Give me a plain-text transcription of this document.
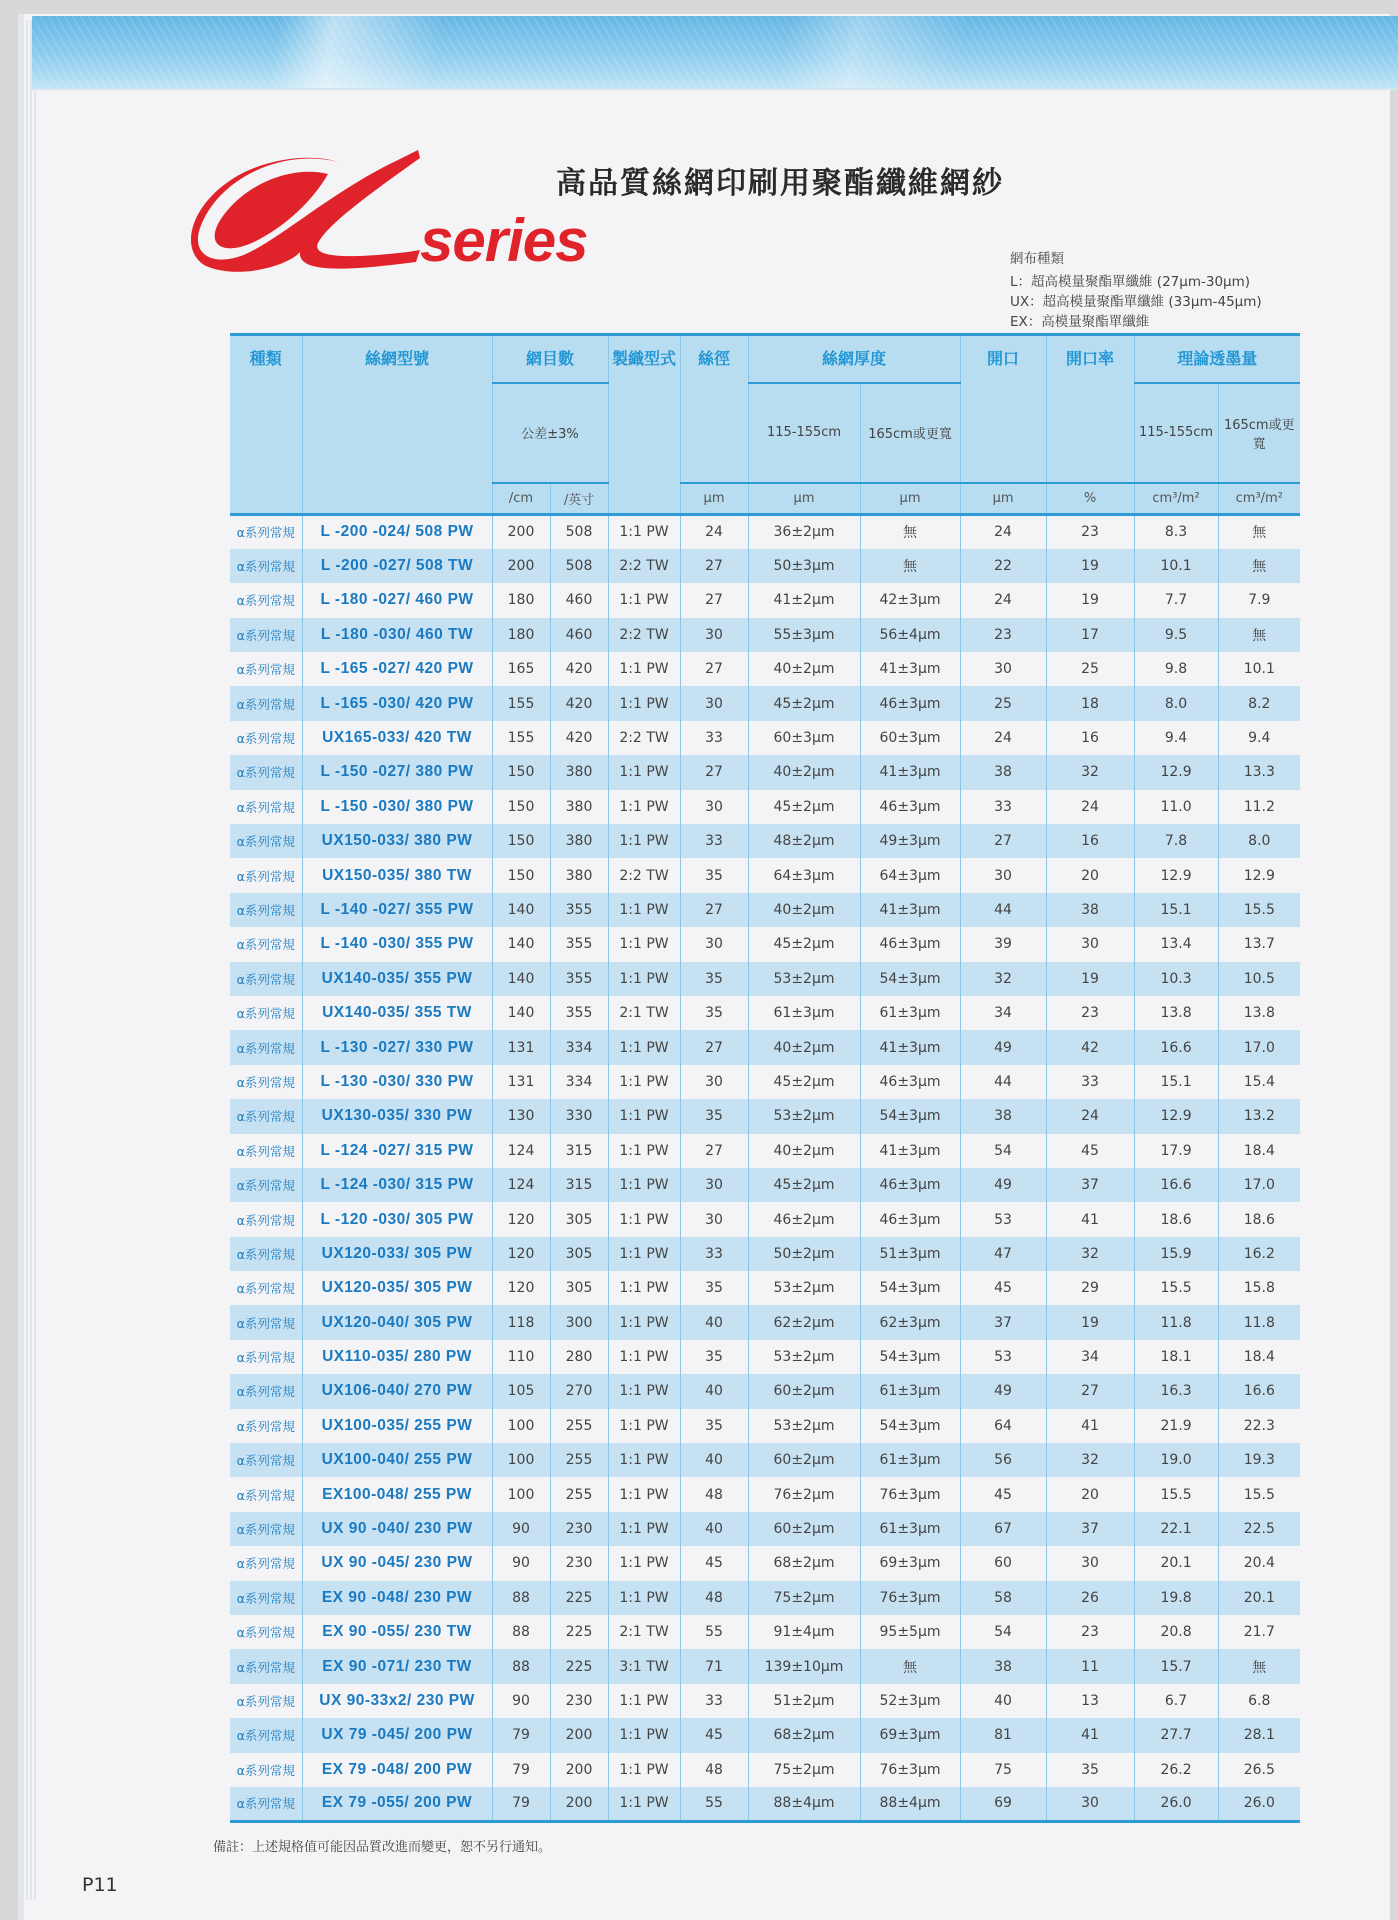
series
高品質絲網印刷用聚酯纖維網紗
網布種類
L：超高模量聚酯單纖維 (27μm-30μm)
UX：超高模量聚酯單纖維 (33μm-45μm)
EX：高模量聚酯單纖維
種類	絲網型號	網目數		製織型式	絲徑	絲網厚度		開口	開口率	理論透墨量	
		公差±3%				115-155cm	165cm或更寬			115-155cm	165cm或更寬
		/cm	/英寸		μm	μm	μm	μm	%	cm³/m²	cm³/m²
α系列常規	L -200 -024/ 508 PW	200	508	1:1 PW	24	36±2μm	無	24	23	8.3	無
α系列常規	L -200 -027/ 508 TW	200	508	2:2 TW	27	50±3μm	無	22	19	10.1	無
α系列常規	L -180 -027/ 460 PW	180	460	1:1 PW	27	41±2μm	42±3μm	24	19	7.7	7.9
α系列常規	L -180 -030/ 460 TW	180	460	2:2 TW	30	55±3μm	56±4μm	23	17	9.5	無
α系列常規	L -165 -027/ 420 PW	165	420	1:1 PW	27	40±2μm	41±3μm	30	25	9.8	10.1
α系列常規	L -165 -030/ 420 PW	155	420	1:1 PW	30	45±2μm	46±3μm	25	18	8.0	8.2
α系列常規	UX165-033/ 420 TW	155	420	2:2 TW	33	60±3μm	60±3μm	24	16	9.4	9.4
α系列常規	L -150 -027/ 380 PW	150	380	1:1 PW	27	40±2μm	41±3μm	38	32	12.9	13.3
α系列常規	L -150 -030/ 380 PW	150	380	1:1 PW	30	45±2μm	46±3μm	33	24	11.0	11.2
α系列常規	UX150-033/ 380 PW	150	380	1:1 PW	33	48±2μm	49±3μm	27	16	7.8	8.0
α系列常規	UX150-035/ 380 TW	150	380	2:2 TW	35	64±3μm	64±3μm	30	20	12.9	12.9
α系列常規	L -140 -027/ 355 PW	140	355	1:1 PW	27	40±2μm	41±3μm	44	38	15.1	15.5
α系列常規	L -140 -030/ 355 PW	140	355	1:1 PW	30	45±2μm	46±3μm	39	30	13.4	13.7
α系列常規	UX140-035/ 355 PW	140	355	1:1 PW	35	53±2μm	54±3μm	32	19	10.3	10.5
α系列常規	UX140-035/ 355 TW	140	355	2:1 TW	35	61±3μm	61±3μm	34	23	13.8	13.8
α系列常規	L -130 -027/ 330 PW	131	334	1:1 PW	27	40±2μm	41±3μm	49	42	16.6	17.0
α系列常規	L -130 -030/ 330 PW	131	334	1:1 PW	30	45±2μm	46±3μm	44	33	15.1	15.4
α系列常規	UX130-035/ 330 PW	130	330	1:1 PW	35	53±2μm	54±3μm	38	24	12.9	13.2
α系列常規	L -124 -027/ 315 PW	124	315	1:1 PW	27	40±2μm	41±3μm	54	45	17.9	18.4
α系列常規	L -124 -030/ 315 PW	124	315	1:1 PW	30	45±2μm	46±3μm	49	37	16.6	17.0
α系列常規	L -120 -030/ 305 PW	120	305	1:1 PW	30	46±2μm	46±3μm	53	41	18.6	18.6
α系列常規	UX120-033/ 305 PW	120	305	1:1 PW	33	50±2μm	51±3μm	47	32	15.9	16.2
α系列常規	UX120-035/ 305 PW	120	305	1:1 PW	35	53±2μm	54±3μm	45	29	15.5	15.8
α系列常規	UX120-040/ 305 PW	118	300	1:1 PW	40	62±2μm	62±3μm	37	19	11.8	11.8
α系列常規	UX110-035/ 280 PW	110	280	1:1 PW	35	53±2μm	54±3μm	53	34	18.1	18.4
α系列常規	UX106-040/ 270 PW	105	270	1:1 PW	40	60±2μm	61±3μm	49	27	16.3	16.6
α系列常規	UX100-035/ 255 PW	100	255	1:1 PW	35	53±2μm	54±3μm	64	41	21.9	22.3
α系列常規	UX100-040/ 255 PW	100	255	1:1 PW	40	60±2μm	61±3μm	56	32	19.0	19.3
α系列常規	EX100-048/ 255 PW	100	255	1:1 PW	48	76±2μm	76±3μm	45	20	15.5	15.5
α系列常規	UX 90 -040/ 230 PW	90	230	1:1 PW	40	60±2μm	61±3μm	67	37	22.1	22.5
α系列常規	UX 90 -045/ 230 PW	90	230	1:1 PW	45	68±2μm	69±3μm	60	30	20.1	20.4
α系列常規	EX 90 -048/ 230 PW	88	225	1:1 PW	48	75±2μm	76±3μm	58	26	19.8	20.1
α系列常規	EX 90 -055/ 230 TW	88	225	2:1 TW	55	91±4μm	95±5μm	54	23	20.8	21.7
α系列常規	EX 90 -071/ 230 TW	88	225	3:1 TW	71	139±10μm	無	38	11	15.7	無
α系列常規	UX 90-33x2/ 230 PW	90	230	1:1 PW	33	51±2μm	52±3μm	40	13	6.7	6.8
α系列常規	UX 79 -045/ 200 PW	79	200	1:1 PW	45	68±2μm	69±3μm	81	41	27.7	28.1
α系列常規	EX 79 -048/ 200 PW	79	200	1:1 PW	48	75±2μm	76±3μm	75	35	26.2	26.5
α系列常規	EX 79 -055/ 200 PW	79	200	1:1 PW	55	88±4μm	88±4μm	69	30	26.0	26.0
備註：上述規格值可能因品質改進而變更，恕不另行通知。
P11
